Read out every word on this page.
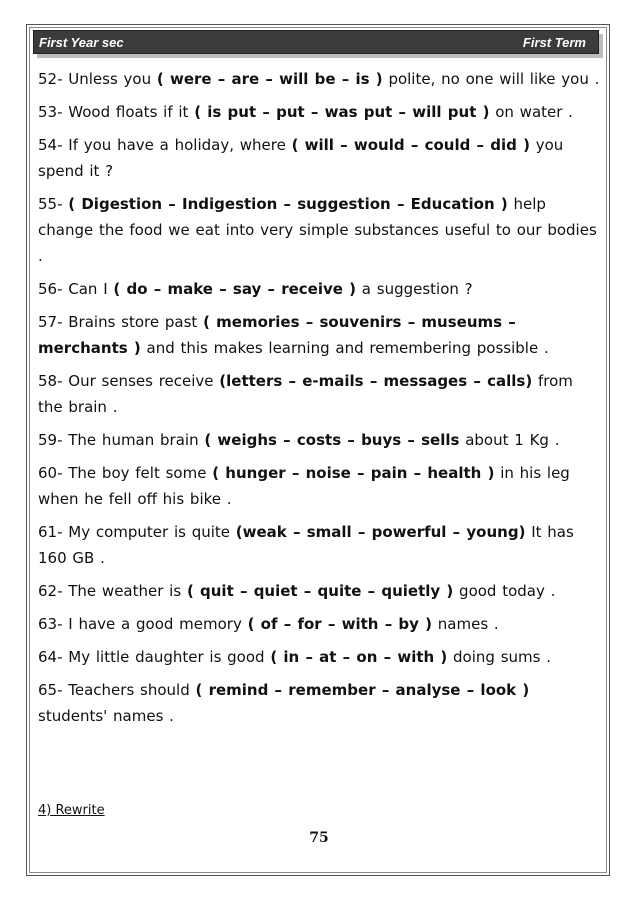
First Year sec	First Term

52- Unless you ( were – are – will be – is ) polite, no one will like you .

53- Wood floats if it ( is put – put – was put – will put ) on water .

54- If you have a holiday, where ( will – would – could – did ) you spend it ?

55- ( Digestion – Indigestion – suggestion – Education ) help change the food we eat into very simple substances useful to our bodies .

56- Can I ( do – make – say – receive ) a suggestion ?

57- Brains store past ( memories – souvenirs – museums – merchants ) and this makes learning and remembering possible .

58- Our senses receive (letters – e-mails – messages – calls) from the brain .

59- The human brain ( weighs – costs – buys – sells about 1 Kg .

60- The boy felt some ( hunger – noise – pain – health ) in his leg when he fell off his bike .

61- My computer is quite (weak – small – powerful – young) It has 160 GB .

62- The weather is ( quit – quiet – quite – quietly ) good today .

63- I have a good memory ( of – for – with – by ) names .

64- My little daughter is good ( in – at – on – with ) doing sums .

65- Teachers should ( remind – remember – analyse – look ) students' names .

4) Rewrite
75
